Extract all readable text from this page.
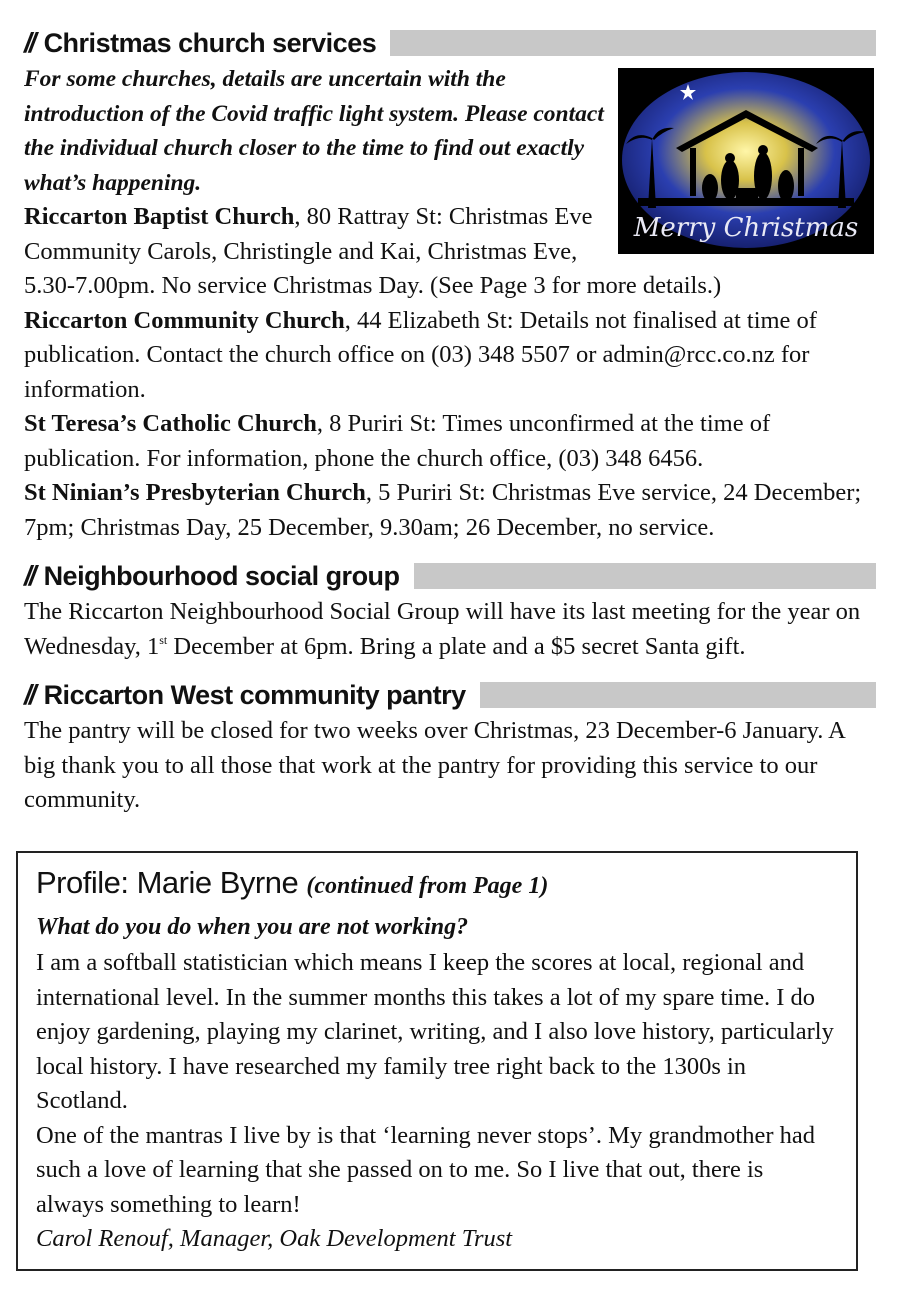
// Christmas church services
Merry Christmas

For some churches, details are uncertain with the introduction of the Covid traffic light system. Please contact the individual church closer to the time to find out exactly what’s happening.

Riccarton Baptist Church, 80 Rattray St: Christmas Eve Community Carols, Christingle and Kai, Christmas Eve, 5.30-7.00pm. No service Christmas Day. (See Page 3 for more details.)

Riccarton Community Church, 44 Elizabeth St: Details not finalised at time of publication. Contact the church office on (03) 348 5507 or admin@rcc.co.nz for information.

St Teresa’s Catholic Church, 8 Puriri St: Times unconfirmed at the time of publication. For information, phone the church office, (03) 348 6456.

St Ninian’s Presbyterian Church, 5 Puriri St: Christmas Eve service, 24 December; 7pm; Christmas Day, 25 December, 9.30am; 26 December, no service.

// Neighbourhood social group

The Riccarton Neighbourhood Social Group will have its last meeting for the year on Wednesday, 1st December at 6pm. Bring a plate and a $5 secret Santa gift.

// Riccarton West community pantry

The pantry will be closed for two weeks over Christmas, 23 December-6 January. A big thank you to all those that work at the pantry for providing this service to our community.

Profile: Marie Byrne (continued from Page 1)

What do you do when you are not working?

I am a softball statistician which means I keep the scores at local, regional and international level. In the summer months this takes a lot of my spare time. I do enjoy gardening, playing my clarinet, writing, and I also love history, particularly local history. I have researched my family tree right back to the 1300s in Scotland.

One of the mantras I live by is that ‘learning never stops’. My grandmother had such a love of learning that she passed on to me. So I live that out, there is always something to learn!

Carol Renouf, Manager, Oak Development Trust
